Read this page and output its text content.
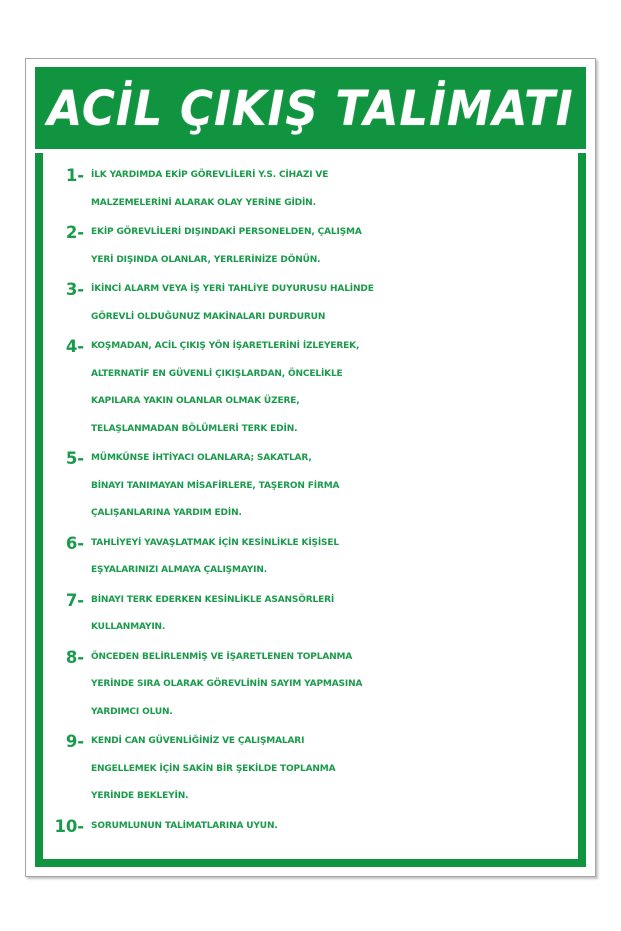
ACİL ÇIKIŞ TALİMATI
1- İLK YARDIMDA EKİP GÖREVLİLERİ Y.S. CİHAZI VE
MALZEMELERİNİ ALARAK OLAY YERİNE GİDİN.
2- EKİP GÖREVLİLERİ DIŞINDAKİ PERSONELDEN, ÇALIŞMA
YERİ DIŞINDA OLANLAR, YERLERİNİZE DÖNÜN.
3- İKİNCİ ALARM VEYA İŞ YERİ TAHLİYE DUYURUSU HALİNDE
GÖREVLİ OLDUĞUNUZ MAKİNALARI DURDURUN
4- KOŞMADAN, ACİL ÇIKIŞ YÖN İŞARETLERİNİ İZLEYEREK,
ALTERNATİF EN GÜVENLİ ÇIKIŞLARDAN, ÖNCELİKLE
KAPILARA YAKIN OLANLAR OLMAK ÜZERE,
TELAŞLANMADAN BÖLÜMLERİ TERK EDİN.
5- MÜMKÜNSE İHTİYACI OLANLARA; SAKATLAR,
BİNAYI TANIMAYAN MİSAFİRLERE, TAŞERON FİRMA
ÇALIŞANLARINA YARDIM EDİN.
6- TAHLİYEYİ YAVAŞLATMAK İÇİN KESİNLİKLE KİŞİSEL
EŞYALARINIZI ALMAYA ÇALIŞMAYIN.
7- BİNAYI TERK EDERKEN KESİNLİKLE ASANSÖRLERİ
KULLANMAYIN.
8- ÖNCEDEN BELİRLENMİŞ VE İŞARETLENEN TOPLANMA
YERİNDE SIRA OLARAK GÖREVLİNİN SAYIM YAPMASINA
YARDIMCI OLUN.
9- KENDİ CAN GÜVENLİĞİNİZ VE ÇALIŞMALARI
ENGELLEMEK İÇİN SAKİN BİR ŞEKİLDE TOPLANMA
YERİNDE BEKLEYİN.
10- SORUMLUNUN TALİMATLARINA UYUN.
